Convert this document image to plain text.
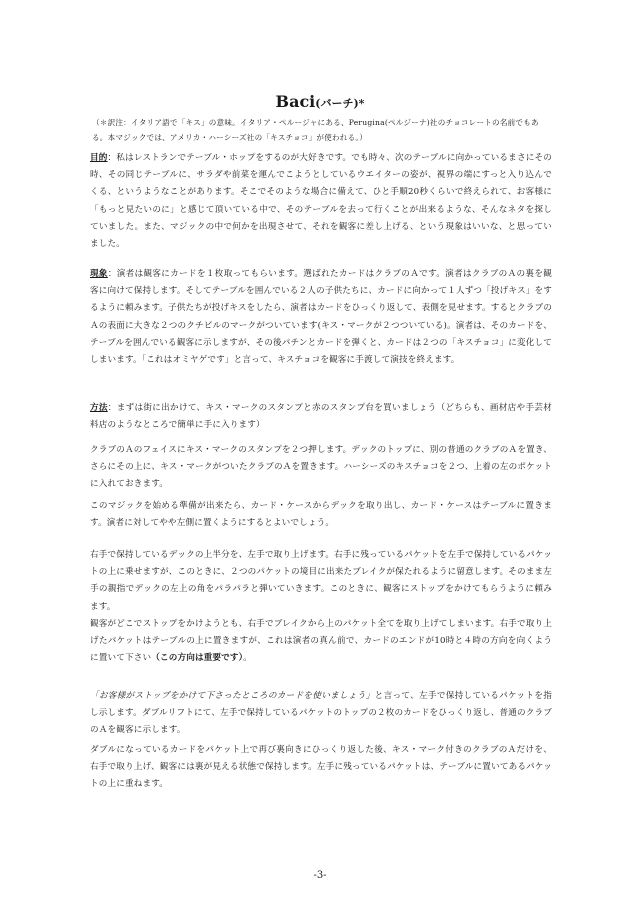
Baci(バーチ)*
（＊訳注：イタリア語で「キス」の意味。イタリア・ペルージャにある、Perugina(ペルジーナ)社のチョコレートの名前でもある。本マジックでは、アメリカ・ハーシーズ社の「キスチョコ」が使われる。）
目的：私はレストランでテーブル・ホップをするのが大好きです。でも時々、次のテーブルに向かっているまさにその時、その同じテーブルに、サラダや前菜を運んでこようとしているウエイターの姿が、視界の端にすっと入り込んでくる、というようなことがあります。そこでそのような場合に備えて、ひと手順20秒くらいで終えられて、お客様に「もっと見たいのに」と感じて頂いている中で、そのテーブルを去って行くことが出来るような、そんなネタを探していました。また、マジックの中で何かを出現させて、それを観客に差し上げる、という現象はいいな、と思っていました。
現象：演者は観客にカードを１枚取ってもらいます。選ばれたカードはクラブのＡです。演者はクラブのＡの裏を観客に向けて保持します。そしてテーブルを囲んでいる２人の子供たちに、カードに向かって１人ずつ「投げキス」をするように頼みます。子供たちが投げキスをしたら、演者はカードをひっくり返して、表側を見せます。するとクラブのＡの表面に大きな２つのクチビルのマークがついています(キス・マークが２つついている)。演者は、そのカードを、テーブルを囲んでいる観客に示しますが、その後パチンとカードを弾くと、カードは２つの「キスチョコ」に変化してしまいます。「これはオミヤゲです」と言って、キスチョコを観客に手渡して演技を終えます。
方法：まずは街に出かけて、キス・マークのスタンプと赤のスタンプ台を買いましょう（どちらも、画材店や手芸材料店のようなところで簡単に手に入ります）
クラブのＡのフェイスにキス・マークのスタンプを２つ押します。デックのトップに、別の普通のクラブのＡを置き、さらにその上に、キス・マークがついたクラブのＡを置きます。ハーシーズのキスチョコを２つ、上着の左のポケットに入れておきます。
このマジックを始める準備が出来たら、カード・ケースからデックを取り出し、カード・ケースはテーブルに置きます。演者に対してやや左側に置くようにするとよいでしょう。
右手で保持しているデックの上半分を、左手で取り上げます。右手に残っているパケットを左手で保持しているパケットの上に乗せますが、このときに、２つのパケットの境目に出来たブレイクが保たれるように留意します。そのまま左手の親指でデックの左上の角をパラパラと弾いていきます。このときに、観客にストップをかけてもらうように頼みます。
観客がどこでストップをかけようとも、右手でブレイクから上のパケット全てを取り上げてしまいます。右手で取り上げたパケットはテーブルの上に置きますが、これは演者の真ん前で、カードのエンドが10時と４時の方向を向くように置いて下さい（この方向は重要です）。
「お客様がストップをかけて下さったところのカードを使いましょう」と言って、左手で保持しているパケットを指し示します。ダブルリフトにて、左手で保持しているパケットのトップの２枚のカードをひっくり返し、普通のクラブのＡを観客に示します。
ダブルになっているカードをパケット上で再び裏向きにひっくり返した後、キス・マーク付きのクラブのＡだけを、右手で取り上げ、観客には裏が見える状態で保持します。左手に残っているパケットは、テーブルに置いてあるパケットの上に重ねます。
-3-
